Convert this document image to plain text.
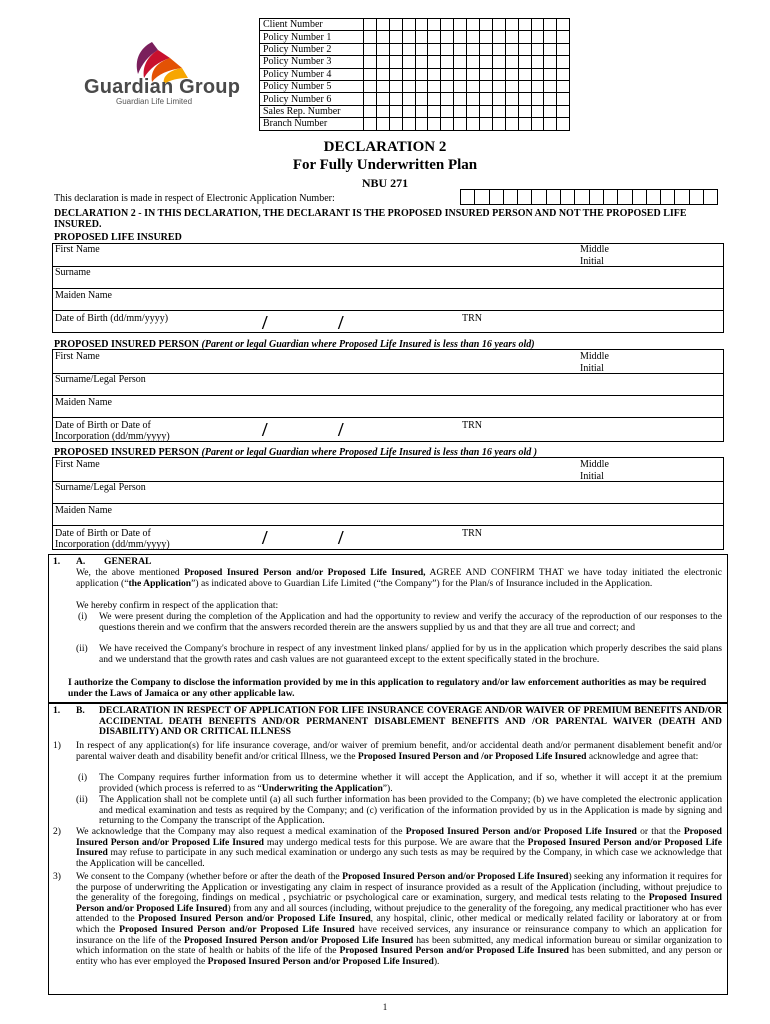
Guardian Group
Guardian Life Limited
Client Number																
Policy Number 1																
Policy Number 2																
Policy Number 3																
Policy Number 4																
Policy Number 5																
Policy Number 6																
Sales Rep. Number																
Branch Number																
DECLARATION 2
For Fully Underwritten Plan
NBU 271
This declaration is made in respect of Electronic Application Number:

DECLARATION 2 - IN THIS DECLARATION, THE DECLARANT IS THE PROPOSED INSURED PERSON AND NOT THE PROPOSED LIFE INSURED.
PROPOSED LIFE INSURED
First Name	Middle
Initial
Surname
Maiden Name
Date of Birth (dd/mm/yyyy)	/	/	TRN
PROPOSED INSURED PERSON (Parent or legal Guardian where Proposed Life Insured is less than 16 years old)
First Name	Middle
Initial
Surname/Legal Person
Maiden Name
Date of Birth or Date of
Incorporation (dd/mm/yyyy)	/	/	TRN
PROPOSED INSURED PERSON (Parent or legal Guardian where Proposed Life Insured is less than 16 years old )
First Name	Middle
Initial
Surname/Legal Person
Maiden Name
Date of Birth or Date of
Incorporation (dd/mm/yyyy)	/	/	TRN
1. A. GENERAL
We, the above mentioned Proposed Insured Person and/or Proposed Life Insured, AGREE AND CONFIRM THAT we have today initiated the electronic application (“the Application”) as indicated above to Guardian Life Limited (“the Company”) for the Plan/s of Insurance included in the Application.
We hereby confirm in respect of the application that:
(i) We were present during the completion of the Application and had the opportunity to review and verify the accuracy of the reproduction of our responses to the questions therein and we confirm that the answers recorded therein are the answers supplied by us and that they are all true and correct; and
(ii) We have received the Company's brochure in respect of any investment linked plans/ applied for by us in the application which properly describes the said plans and we understand that the growth rates and cash values are not guaranteed except to the extent specifically stated in the brochure.
I authorize the Company to disclose the information provided by me in this application to regulatory and/or law enforcement authorities as may be required under the Laws of Jamaica or any other applicable law.
1. B. DECLARATION IN RESPECT OF APPLICATION FOR LIFE INSURANCE COVERAGE AND/OR WAIVER OF PREMIUM BENEFITS AND/OR ACCIDENTAL DEATH BENEFITS AND/OR PERMANENT DISABLEMENT BENEFITS AND /OR PARENTAL WAIVER (DEATH AND DISABILITY) AND OR CRITICAL ILLNESS
1) In respect of any application(s) for life insurance coverage, and/or waiver of premium benefit, and/or accidental death and/or permanent disablement benefit and/or parental waiver death and disability benefit and/or critical Illness, we the Proposed Insured Person and /or Proposed Life Insured acknowledge and agree that:
(i) The Company requires further information from us to determine whether it will accept the Application, and if so, whether it will accept it at the premium provided (which process is referred to as “Underwriting the Application”).
(ii) The Application shall not be complete until (a) all such further information has been provided to the Company; (b) we have completed the electronic application and medical examination and tests as required by the Company; and (c) verification of the information provided by us in the Application is made by signing and returning to the Company the transcript of the Application.
2) We acknowledge that the Company may also request a medical examination of the Proposed Insured Person and/or Proposed Life Insured or that the Proposed Insured Person and/or Proposed Life Insured may undergo medical tests for this purpose. We are aware that the Proposed Insured Person and/or Proposed Life Insured may refuse to participate in any such medical examination or undergo any such tests as may be required by the Company, in which case we acknowledge that the Application will be cancelled.
3) We consent to the Company (whether before or after the death of the Proposed Insured Person and/or Proposed Life Insured) seeking any information it requires for the purpose of underwriting the Application or investigating any claim in respect of insurance provided as a result of the Application (including, without prejudice to the generality of the foregoing, findings on medical , psychiatric or psychological care or examination, surgery, and medical tests relating to the Proposed Insured Person and/or Proposed Life Insured) from any and all sources (including, without prejudice to the generality of the foregoing, any medical practitioner who has ever attended to the Proposed Insured Person and/or Proposed Life Insured, any hospital, clinic, other medical or medically related facility or laboratory at or from which the Proposed Insured Person and/or Proposed Life Insured have received services, any insurance or reinsurance company to which an application for insurance on the life of the Proposed Insured Person and/or Proposed Life Insured has been submitted, any medical information bureau or similar organization to which information on the state of health or habits of the life of the Proposed Insured Person and/or Proposed Life Insured has been submitted, and any person or entity who has ever employed the Proposed Insured Person and/or Proposed Life Insured).
1
